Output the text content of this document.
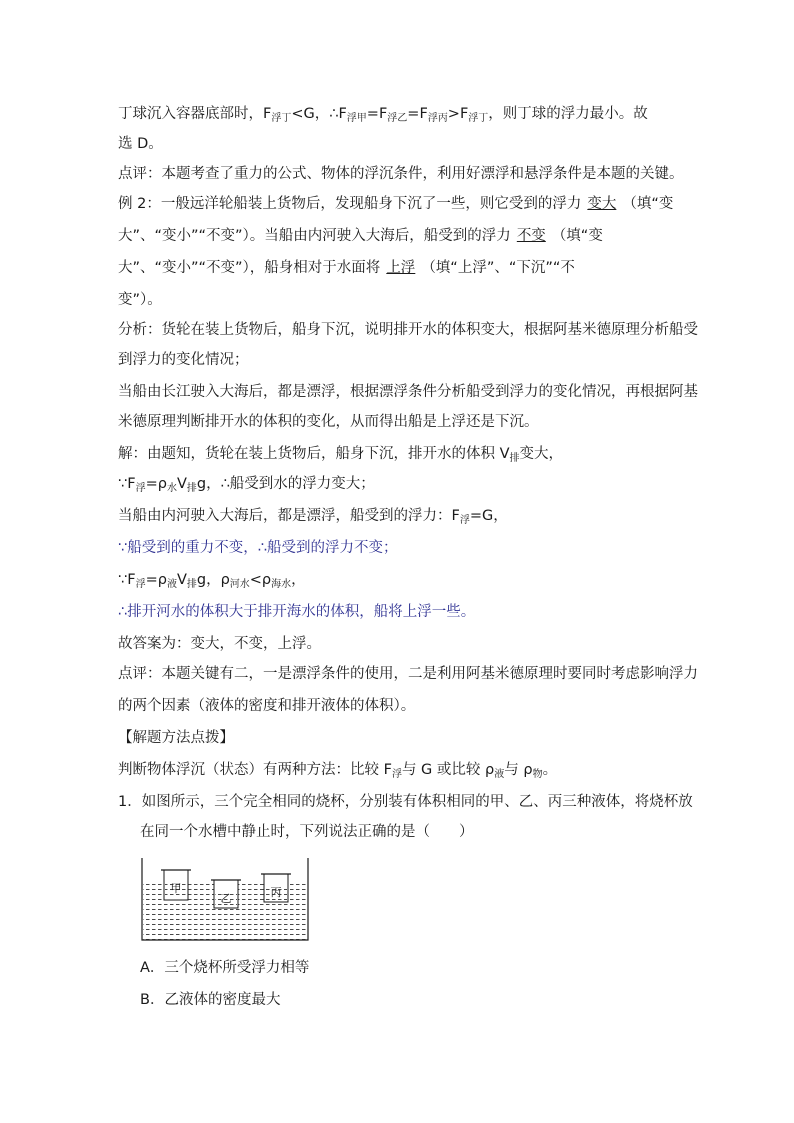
丁球沉入容器底部时，$F_{浮丁}<G$，$\therefore F_{浮甲}=F_{浮乙}=F_{浮丙}>F_{浮丁}$，则丁球的浮力最小。故
选 D。
点评：本题考查了重力的公式、物体的浮沉条件，利用好漂浮和悬浮条件是本题的关键。
例 2：一般远洋轮船装上货物后，发现船身下沉了一些，则它受到的浮力 变大 （填“变
大”、“变小”“不变”）。当船由内河驶入大海后，船受到的浮力 不变 （填“变
大”、“变小”“不变”），船身相对于水面将 上浮 （填“上浮”、“下沉”“不
变”）。
分析：货轮在装上货物后，船身下沉，说明排开水的体积变大，根据阿基米德原理分析船受
到浮力的变化情况；
当船由长江驶入大海后，都是漂浮，根据漂浮条件分析船受到浮力的变化情况，再根据阿基
米德原理判断排开水的体积的变化，从而得出船是上浮还是下沉。
解：由题知，货轮在装上货物后，船身下沉，排开水的体积 $V_排$变大，
$\because F_浮=\rho_水V_排g$，∴船受到水的浮力变大；
当船由内河驶入大海后，都是漂浮，船受到的浮力：$F_浮=G$，
∵船受到的重力不变，∴船受到的浮力不变；
$\because F_浮=\rho_液V_排g$，$\rho_{河水}<\rho_{海水}$，
∴排开河水的体积大于排开海水的体积，船将上浮一些。
故答案为：变大，不变，上浮。
点评：本题关键有二，一是漂浮条件的使用，二是利用阿基米德原理时要同时考虑影响浮力
的两个因素（液体的密度和排开液体的体积）。
【解题方法点拨】
判断物体浮沉（状态）有两种方法：比较 $F_浮$与 G 或比较 $\rho_液$与 $\rho_物$。
1．如图所示，三个完全相同的烧杯，分别装有体积相同的甲、乙、丙三种液体，将烧杯放
在同一个水槽中静止时，下列说法正确的是（　　）
甲
乙	丙
A．三个烧杯所受浮力相等
B．乙液体的密度最大
